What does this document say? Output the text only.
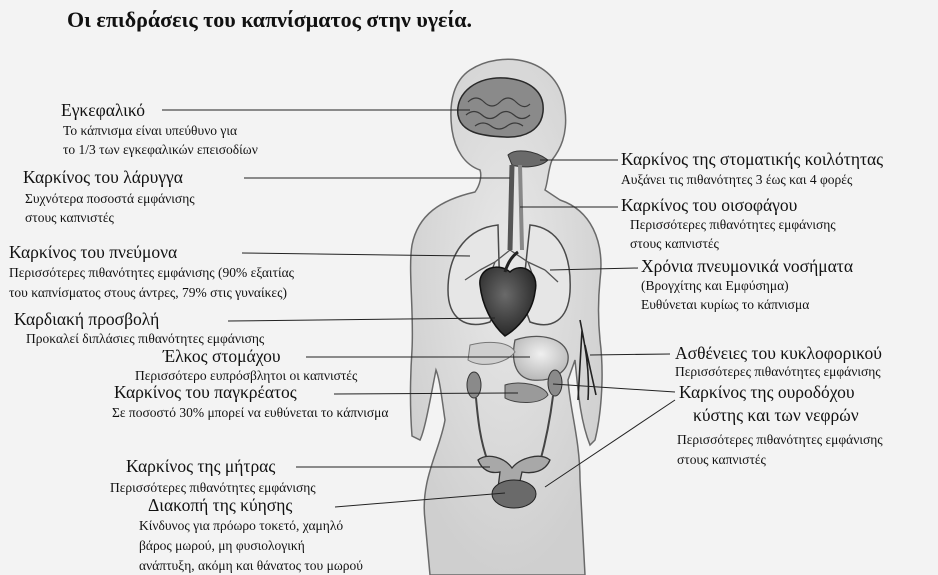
Οι επιδράσεις του καπνίσματος στην υγεία.
Εγκεφαλικό
Το κάπνισμα είναι υπεύθυνο για
το 1/3 των εγκεφαλικών επεισοδίων
Καρκίνος του λάρυγγα
Συχνότερα ποσοστά εμφάνισης
στους καπνιστές
Καρκίνος του πνεύμονα
Περισσότερες πιθανότητες εμφάνισης (90% εξαιτίας
του καπνίσματος στους άντρες, 79% στις γυναίκες)
Καρδιακή προσβολή
Προκαλεί διπλάσιες πιθανότητες εμφάνισης
Έλκος στομάχου
Περισσότερο ευπρόσβλητοι οι καπνιστές
Καρκίνος του παγκρέατος
Σε ποσοστό 30% μπορεί να ευθύνεται το κάπνισμα
Καρκίνος της μήτρας
Περισσότερες πιθανότητες εμφάνισης
Διακοπή της κύησης
Κίνδυνος για πρόωρο τοκετό, χαμηλό
βάρος μωρού, μη φυσιολογική
ανάπτυξη, ακόμη και θάνατος του μωρού
Καρκίνος της στοματικής κοιλότητας
Αυξάνει τις πιθανότητες 3 έως και 4 φορές
Καρκίνος του οισοφάγου
Περισσότερες πιθανότητες εμφάνισης
στους καπνιστές
Χρόνια πνευμονικά νοσήματα
(Βρογχίτης και Εμφύσημα)
Ευθύνεται κυρίως το κάπνισμα
Ασθένειες του κυκλοφορικού
Περισσότερες πιθανότητες εμφάνισης
Καρκίνος της ουροδόχου
κύστης και των νεφρών
Περισσότερες πιθανότητες εμφάνισης
στους καπνιστές
